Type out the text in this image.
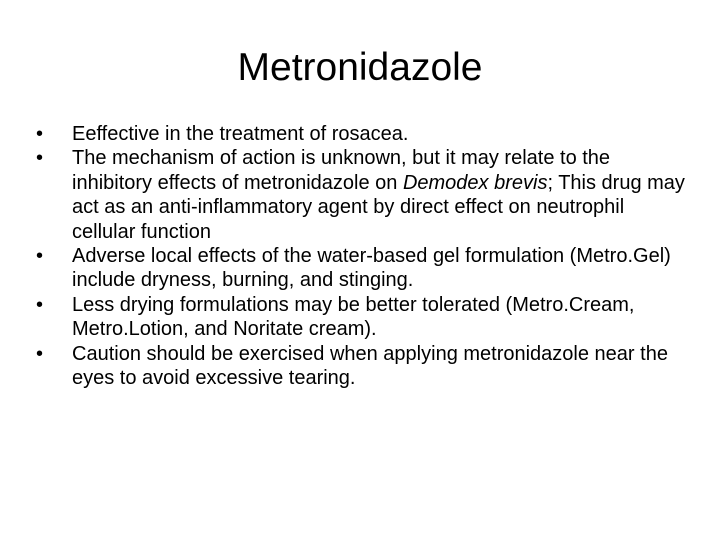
Metronidazole
•	Eeffective in the treatment of rosacea.
•	The mechanism of action is unknown, but it may relate to the inhibitory effects of metronidazole on Demodex brevis; This drug may act as an anti-inflammatory agent by direct effect on neutrophil cellular function
•	Adverse local effects of the water-based gel formulation (Metro.Gel) include dryness, burning, and stinging.
•	Less drying formulations may be better tolerated (Metro.Cream, Metro.Lotion, and Noritate cream).
•	Caution should be exercised when applying metronidazole near the eyes to avoid excessive tearing.
